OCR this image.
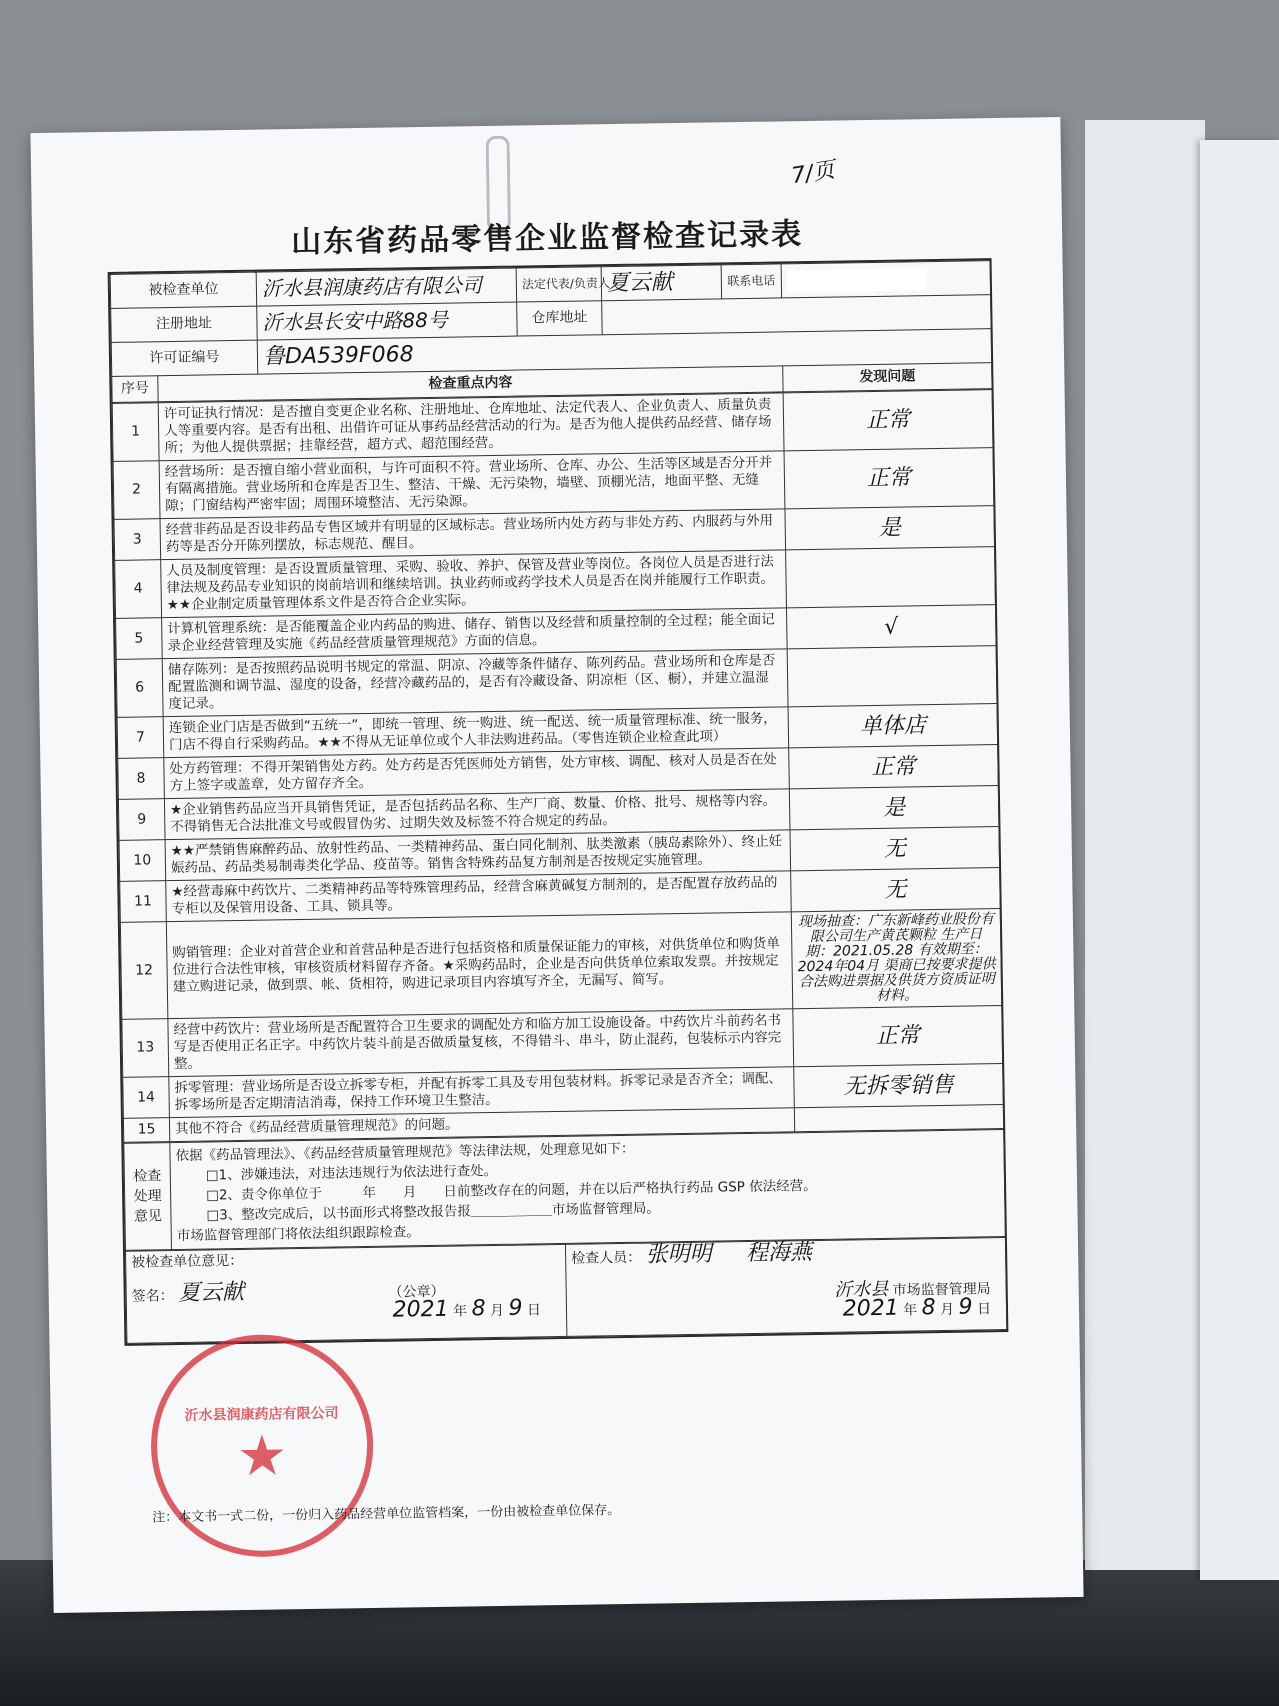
7/页
山东省药品零售企业监督检查记录表
被检查单位		沂水县润康药店有限公司	法定代表/负责人	夏云献	联系电话	

注册地址		沂水县长安中路88号	仓库地址			
许可证编号		鲁DA539F068				
序号	检查重点内容					发现问题
1	许可证执行情况：是否擅自变更企业名称、注册地址、仓库地址、法定代表人、企业负责人、质量负责人等重要内容。是否有出租、出借许可证从事药品经营活动的行为。是否为他人提供药品经营、储存场所；为他人提供票据；挂靠经营，超方式、超范围经营。	正常
2	经营场所：是否擅自缩小营业面积，与许可面积不符。营业场所、仓库、办公、生活等区域是否分开并有隔离措施。营业场所和仓库是否卫生、整洁、干燥、无污染物，墙壁、顶棚光洁，地面平整、无缝隙；门窗结构严密牢固；周围环境整洁、无污染源。	正常
3	经营非药品是否设非药品专售区域并有明显的区域标志。营业场所内处方药与非处方药、内服药与外用药等是否分开陈列摆放，标志规范、醒目。	是
4	人员及制度管理：是否设置质量管理、采购、验收、养护、保管及营业等岗位。各岗位人员是否进行法律法规及药品专业知识的岗前培训和继续培训。执业药师或药学技术人员是否在岗并能履行工作职责。★★企业制定质量管理体系文件是否符合企业实际。	
5	计算机管理系统：是否能覆盖企业内药品的购进、储存、销售以及经营和质量控制的全过程；能全面记录企业经营管理及实施《药品经营质量管理规范》方面的信息。	√
6	储存陈列：是否按照药品说明书规定的常温、阴凉、冷藏等条件储存、陈列药品。营业场所和仓库是否配置监测和调节温、湿度的设备，经营冷藏药品的，是否有冷藏设备、阴凉柜（区、橱），并建立温湿度记录。	
7	连锁企业门店是否做到“五统一”，即统一管理、统一购进、统一配送、统一质量管理标准、统一服务，门店不得自行采购药品。★★不得从无证单位或个人非法购进药品。（零售连锁企业检查此项）	单体店
8	处方药管理：不得开架销售处方药。处方药是否凭医师处方销售，处方审核、调配、核对人员是否在处方上签字或盖章，处方留存齐全。	正常
9	★企业销售药品应当开具销售凭证，是否包括药品名称、生产厂商、数量、价格、批号、规格等内容。不得销售无合法批准文号或假冒伪劣、过期失效及标签不符合规定的药品。	是
10	★★严禁销售麻醉药品、放射性药品、一类精神药品、蛋白同化制剂、肽类激素（胰岛素除外）、终止妊娠药品、药品类易制毒类化学品、疫苗等。销售含特殊药品复方制剂是否按规定实施管理。	无
11	★经营毒麻中药饮片、二类精神药品等特殊管理药品，经营含麻黄碱复方制剂的，是否配置存放药品的专柜以及保管用设备、工具、锁具等。	无
12	购销管理：企业对首营企业和首营品种是否进行包括资格和质量保证能力的审核，对供货单位和购货单位进行合法性审核，审核资质材料留存齐备。★采购药品时，企业是否向供货单位索取发票。并按规定建立购进记录，做到票、帐、货相符，购进记录项目内容填写齐全，无漏写、简写。	现场抽查：广东新峰药业股份有限公司生产黄芪颗粒 生产日期：2021.05.28 有效期至：2024年04月 渠商已按要求提供合法购进票据及供货方资质证明材料。
13	经营中药饮片：营业场所是否配置符合卫生要求的调配处方和临方加工设施设备。中药饮片斗前药名书写是否使用正名正字。中药饮片装斗前是否做质量复核，不得错斗、串斗，防止混药，包装标示内容完整。	正常
14	拆零管理：营业场所是否设立拆零专柜，并配有拆零工具及专用包装材料。拆零记录是否齐全；调配、拆零场所是否定期清洁消毒，保持工作环境卫生整洁。	无拆零销售
15	其他不符合《药品经营质量管理规范》的问题。	
检查处理意见	
依据《药品管理法》、《药品经营质量管理规范》等法律法规，处理意见如下：
□1、涉嫌违法，对违法违规行为依法进行查处。
□2、责令你单位于　　　年　　月　　日前整改存在的问题，并在以后严格执行药品 GSP 依法经营。
□3、整改完成后，以书面形式将整改报告报＿＿＿＿＿＿市场监督管理局。
市场监督管理部门将依法组织跟踪检查。
被检查单位意见：
签名： 夏云献	（公章）
2021 年 8 月 9 日

检查人员： 张明明 程海燕
沂水县 市场监督管理局
2021 年 8 月 9 日
沂水县润康药店有限公司
★
注：本文书一式二份，一份归入药品经营单位监管档案，一份由被检查单位保存。
